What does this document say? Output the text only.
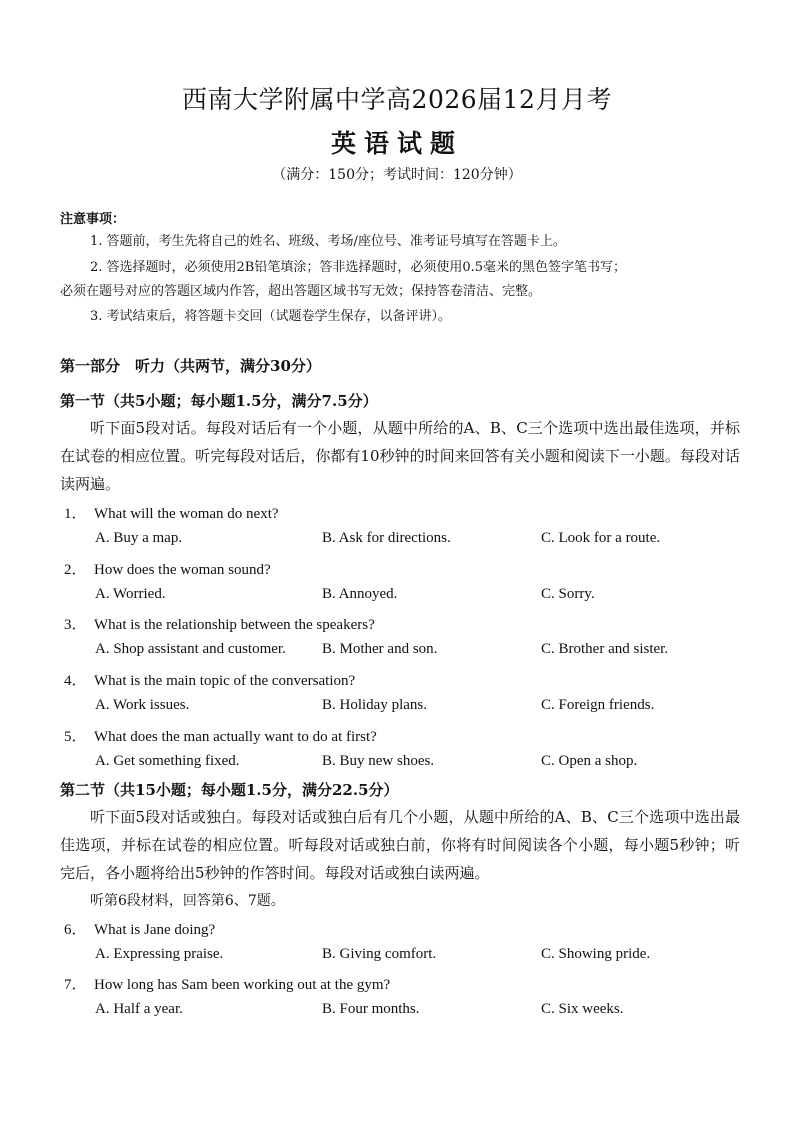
西南大学附属中学高2026届12月月考
英语试题
（满分：150分；考试时间：120分钟）
注意事项：
1. 答题前，考生先将自己的姓名、班级、考场/座位号、准考证号填写在答题卡上。
2. 答选择题时，必须使用2B铅笔填涂；答非选择题时，必须使用0.5毫米的黑色签字笔书写；
必须在题号对应的答题区域内作答，超出答题区域书写无效；保持答卷清洁、完整。
3. 考试结束后，将答题卡交回（试题卷学生保存，以备评讲）。
第一部分　听力（共两节，满分30分）
第一节（共5小题；每小题1.5分，满分7.5分）
听下面5段对话。每段对话后有一个小题，从题中所给的A、B、C三个选项中选出最佳选项，并标在试卷的相应位置。听完每段对话后，你都有10秒钟的时间来回答有关小题和阅读下一小题。每段对话读两遍。
1． What will the woman do next?
A. Buy a map.	B. Ask for directions.	C. Look for a route.
2． How does the woman sound?
A. Worried.	B. Annoyed.	C. Sorry.
3． What is the relationship between the speakers?
A. Shop assistant and customer. B. Mother and son.	C. Brother and sister.
4． What is the main topic of the conversation?
A. Work issues.	B. Holiday plans.	C. Foreign friends.
5． What does the man actually want to do at first?
A. Get something fixed.	B. Buy new shoes.	C. Open a shop.
第二节（共15小题；每小题1.5分，满分22.5分）
听下面5段对话或独白。每段对话或独白后有几个小题，从题中所给的A、B、C三个选项中选出最佳选项，并标在试卷的相应位置。听每段对话或独白前，你将有时间阅读各个小题，每小题5秒钟；听完后，各小题将给出5秒钟的作答时间。每段对话或独白读两遍。
听第6段材料，回答第6、7题。
6． What is Jane doing?
A. Expressing praise.	B. Giving comfort.	C. Showing pride.
7． How long has Sam been working out at the gym?
A. Half a year.	B. Four months.	C. Six weeks.
